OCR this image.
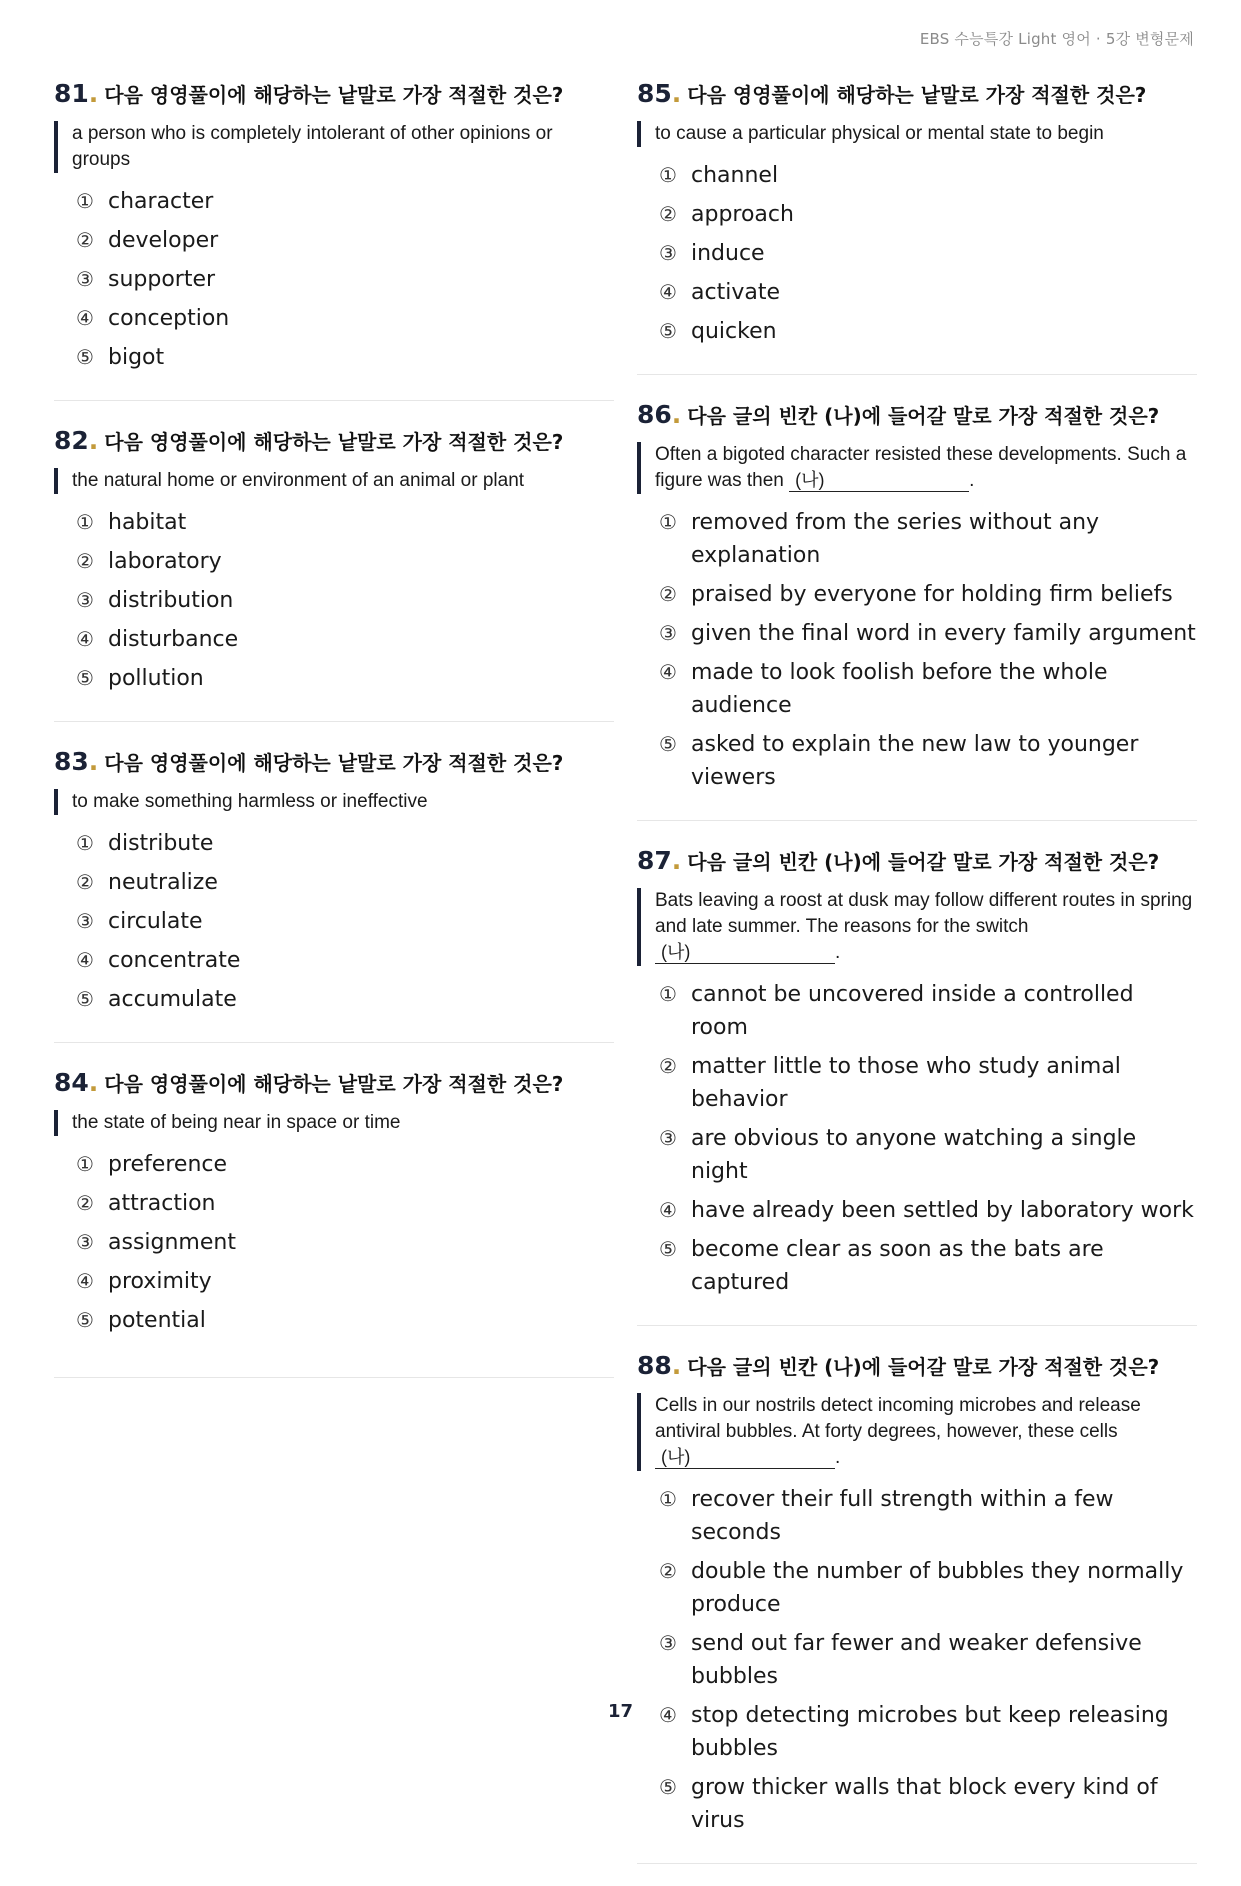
EBS 수능특강 Light 영어 · 5강 변형문제
81. 다음 영영풀이에 해당하는 낱말로 가장 적절한 것은?
a person who is completely intolerant of other opinions or groups
① character
② developer
③ supporter
④ conception
⑤ bigot
82. 다음 영영풀이에 해당하는 낱말로 가장 적절한 것은?
the natural home or environment of an animal or plant
① habitat
② laboratory
③ distribution
④ disturbance
⑤ pollution
83. 다음 영영풀이에 해당하는 낱말로 가장 적절한 것은?
to make something harmless or ineffective
① distribute
② neutralize
③ circulate
④ concentrate
⑤ accumulate
84. 다음 영영풀이에 해당하는 낱말로 가장 적절한 것은?
the state of being near in space or time
① preference
② attraction
③ assignment
④ proximity
⑤ potential
85. 다음 영영풀이에 해당하는 낱말로 가장 적절한 것은?
to cause a particular physical or mental state to begin
① channel
② approach
③ induce
④ activate
⑤ quicken
86. 다음 글의 빈칸 (나)에 들어갈 말로 가장 적절한 것은?
Often a bigoted character resisted these developments. Such a figure was then (나)	.
① removed from the series without any explanation
② praised by everyone for holding firm beliefs
③ given the final word in every family argument
④ made to look foolish before the whole audience
⑤ asked to explain the new law to younger viewers
87. 다음 글의 빈칸 (나)에 들어갈 말로 가장 적절한 것은?
Bats leaving a roost at dusk may follow different routes in spring and late summer. The reasons for the switch (나)	.
① cannot be uncovered inside a controlled room
② matter little to those who study animal behavior
③ are obvious to anyone watching a single night
④ have already been settled by laboratory work
⑤ become clear as soon as the bats are captured
88. 다음 글의 빈칸 (나)에 들어갈 말로 가장 적절한 것은?
Cells in our nostrils detect incoming microbes and release antiviral bubbles. At forty degrees, however, these cells (나)	.
① recover their full strength within a few seconds
② double the number of bubbles they normally produce
③ send out far fewer and weaker defensive bubbles
④ stop detecting microbes but keep releasing bubbles
⑤ grow thicker walls that block every kind of virus
17
